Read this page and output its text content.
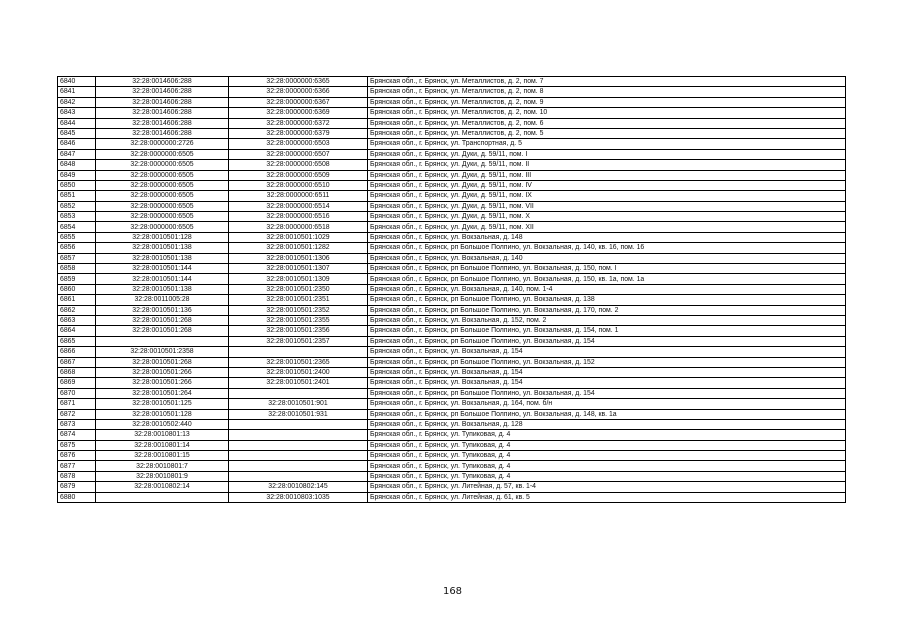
6840	32:28:0014606:288	32:28:0000000:6365	Брянская обл., г. Брянск, ул. Металлистов, д. 2, пом. 7
6841	32:28:0014606:288	32:28:0000000:6366	Брянская обл., г. Брянск, ул. Металлистов, д. 2, пом. 8
6842	32:28:0014606:288	32:28:0000000:6367	Брянская обл., г. Брянск, ул. Металлистов, д. 2, пом. 9
6843	32:28:0014606:288	32:28:0000000:6369	Брянская обл., г. Брянск, ул. Металлистов, д. 2, пом. 10
6844	32:28:0014606:288	32:28:0000000:6372	Брянская обл., г. Брянск, ул. Металлистов, д. 2, пом. 6
6845	32:28:0014606:288	32:28:0000000:6379	Брянская обл., г. Брянск, ул. Металлистов, д. 2, пом. 5
6846	32:28:0000000:2726	32:28:0000000:6503	Брянская обл., г. Брянск, ул. Транспортная, д. 5
6847	32:28:0000000:6505	32:28:0000000:6507	Брянская обл., г. Брянск, ул. Дуки, д. 59/11, пом. I
6848	32:28:0000000:6505	32:28:0000000:6508	Брянская обл., г. Брянск, ул. Дуки, д. 59/11, пом. II
6849	32:28:0000000:6505	32:28:0000000:6509	Брянская обл., г. Брянск, ул. Дуки, д. 59/11, пом. III
6850	32:28:0000000:6505	32:28:0000000:6510	Брянская обл., г. Брянск, ул. Дуки, д. 59/11, пом. IV
6851	32:28:0000000:6505	32:28:0000000:6511	Брянская обл., г. Брянск, ул. Дуки, д. 59/11, пом. IX
6852	32:28:0000000:6505	32:28:0000000:6514	Брянская обл., г. Брянск, ул. Дуки, д. 59/11, пом. VII
6853	32:28:0000000:6505	32:28:0000000:6516	Брянская обл., г. Брянск, ул. Дуки, д. 59/11, пом. X
6854	32:28:0000000:6505	32:28:0000000:6518	Брянская обл., г. Брянск, ул. Дуки, д. 59/11, пом. XII
6855	32:28:0010501:128	32:28:0010501:1029	Брянская обл., г. Брянск, ул. Вокзальная, д. 148
6856	32:28:0010501:138	32:28:0010501:1282	Брянская обл., г. Брянск, рп Большое Полпино, ул. Вокзальная, д. 140, кв. 16, пом. 16
6857	32:28:0010501:138	32:28:0010501:1306	Брянская обл., г. Брянск, ул. Вокзальная, д. 140
6858	32:28:0010501:144	32:28:0010501:1307	Брянская обл., г. Брянск, рп Большое Полпино, ул. Вокзальная, д. 150, пом. I
6859	32:28:0010501:144	32:28:0010501:1309	Брянская обл., г. Брянск, рп Большое Полпино, ул. Вокзальная, д. 150, кв. 1а, пом. 1а
6860	32:28:0010501:138	32:28:0010501:2350	Брянская обл., г. Брянск, ул. Вокзальная, д. 140, пом. 1-4
6861	32:28:0011005:28	32:28:0010501:2351	Брянская обл., г. Брянск, рп Большое Полпино, ул. Вокзальная, д. 138
6862	32:28:0010501:136	32:28:0010501:2352	Брянская обл., г. Брянск, рп Большое Полпино, ул. Вокзальная, д. 170, пом. 2
6863	32:28:0010501:268	32:28:0010501:2355	Брянская обл., г. Брянск, ул. Вокзальная, д. 152, пом. 2
6864	32:28:0010501:268	32:28:0010501:2356	Брянская обл., г. Брянск, рп Большое Полпино, ул. Вокзальная, д. 154, пом. 1
6865		32:28:0010501:2357	Брянская обл., г. Брянск, рп Большое Полпино, ул. Вокзальная, д. 154
6866	32:28:0010501:2358		Брянская обл., г. Брянск, ул. Вокзальная, д. 154
6867	32:28:0010501:268	32:28:0010501:2365	Брянская обл., г. Брянск, рп Большое Полпино, ул. Вокзальная, д. 152
6868	32:28:0010501:266	32:28:0010501:2400	Брянская обл., г. Брянск, ул. Вокзальная, д. 154
6869	32:28:0010501:266	32:28:0010501:2401	Брянская обл., г. Брянск, ул. Вокзальная, д. 154
6870	32:28:0010501:264		Брянская обл., г. Брянск, рп Большое Полпино, ул. Вокзальная, д. 154
6871	32:28:0010501:125	32:28:0010501:901	Брянская обл., г. Брянск, ул. Вокзальная, д. 164, пом. б/н
6872	32:28:0010501:128	32:28:0010501:931	Брянская обл., г. Брянск, рп Большое Полпино, ул. Вокзальная, д. 148, кв. 1а
6873	32:28:0010502:440		Брянская обл., г. Брянск, ул. Вокзальная, д. 128
6874	32:28:0010801:13		Брянская обл., г. Брянск, ул. Тупиковая, д. 4
6875	32:28:0010801:14		Брянская обл., г. Брянск, ул. Тупиковая, д. 4
6876	32:28:0010801:15		Брянская обл., г. Брянск, ул. Тупиковая, д. 4
6877	32:28:0010801:7		Брянская обл., г. Брянск, ул. Тупиковая, д. 4
6878	32:28:0010801:9		Брянская обл., г. Брянск, ул. Тупиковая, д. 4
6879	32:28:0010802:14	32:28:0010802:145	Брянская обл., г. Брянск, ул. Литейная, д. 57, кв. 1-4
6880		32:28:0010803:1035	Брянская обл., г. Брянск, ул. Литейная, д. 61, кв. 5
168
